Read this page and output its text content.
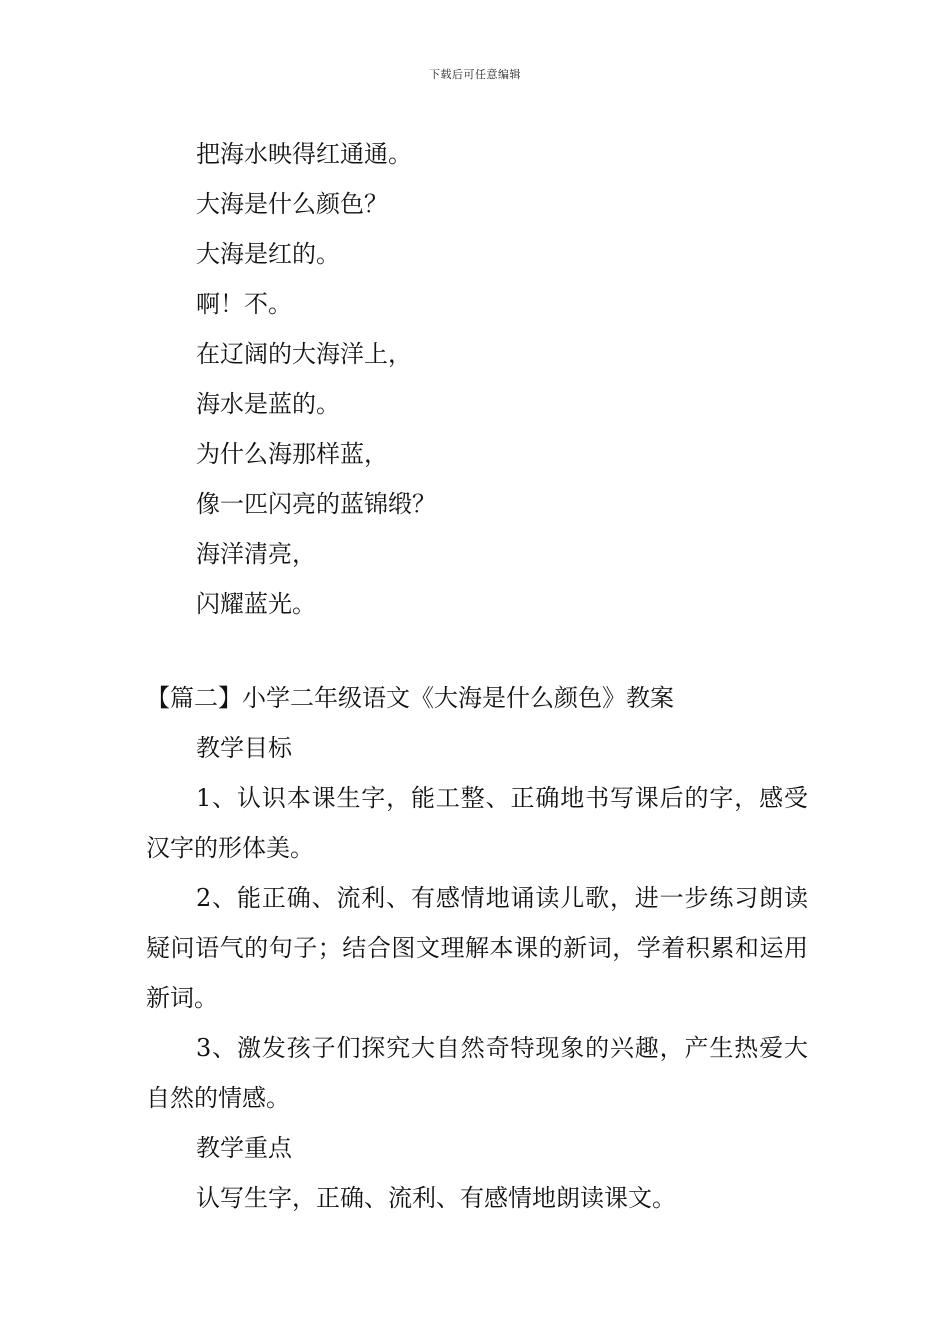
下载后可任意编辑
把海水映得红通通。
大海是什么颜色？
大海是红的。
啊！不。
在辽阔的大海洋上，
海水是蓝的。
为什么海那样蓝，
像一匹闪亮的蓝锦缎？
海洋清亮，
闪耀蓝光。
【篇二】小学二年级语文《大海是什么颜色》教案

教学目标

1、认识本课生字，能工整、正确地书写课后的字，感受汉字的形体美。

2、能正确、流利、有感情地诵读儿歌，进一步练习朗读疑问语气的句子；结合图文理解本课的新词，学着积累和运用新词。

3、激发孩子们探究大自然奇特现象的兴趣，产生热爱大自然的情感。

教学重点

认写生字，正确、流利、有感情地朗读课文。
